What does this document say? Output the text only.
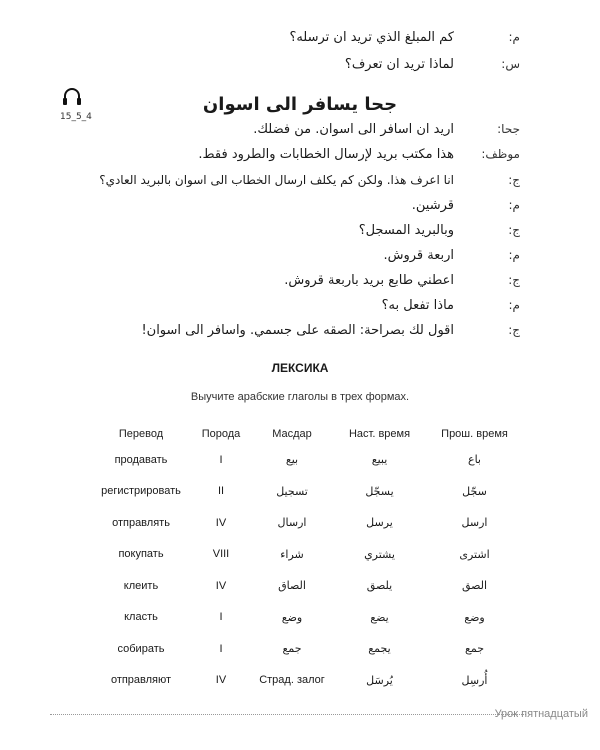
م:
كم المبلغ الذي تريد ان ترسله؟
س:
لماذا تريد ان تعرف؟
15_5_4
جحا يسافر الى اسوان
جحا:
اريد ان اسافر الى اسوان. من فضلك.
موظف:
هذا مكتب بريد لإرسال الخطابات والطرود فقط.
ج:
انا اعرف هذا. ولكن كم يكلف ارسال الخطاب الى اسوان بالبريد العادي؟
م:
قرشين.
ج:
وبالبريد المسجل؟
م:
اربعة قروش.
ج:
اعطني طابع بريد باربعة قروش.
م:
ماذا تفعل به؟
ج:
اقول لك بصراحة: الصقه على جسمي. واسافر الى اسوان!
ЛЕКСИКА
Выучите арабские глаголы в трех формах.
Перевод	Порода	Масдар	Наст. время	Прош. время
продавать	I	بيع	يبيع	باع
регистрировать	II	تسجيل	يسجّل	سجّل
отправлять	IV	ارسال	يرسل	ارسل
покупать	VIII	شراء	يشتري	اشترى
клеить	IV	الصاق	يلصق	الصق
класть	I	وضع	يضع	وضع
собирать	I	جمع	يجمع	جمع
отправляют	IV	Страд. залог	يُرسَل	أُرسِل
Урок пятнадцатый
